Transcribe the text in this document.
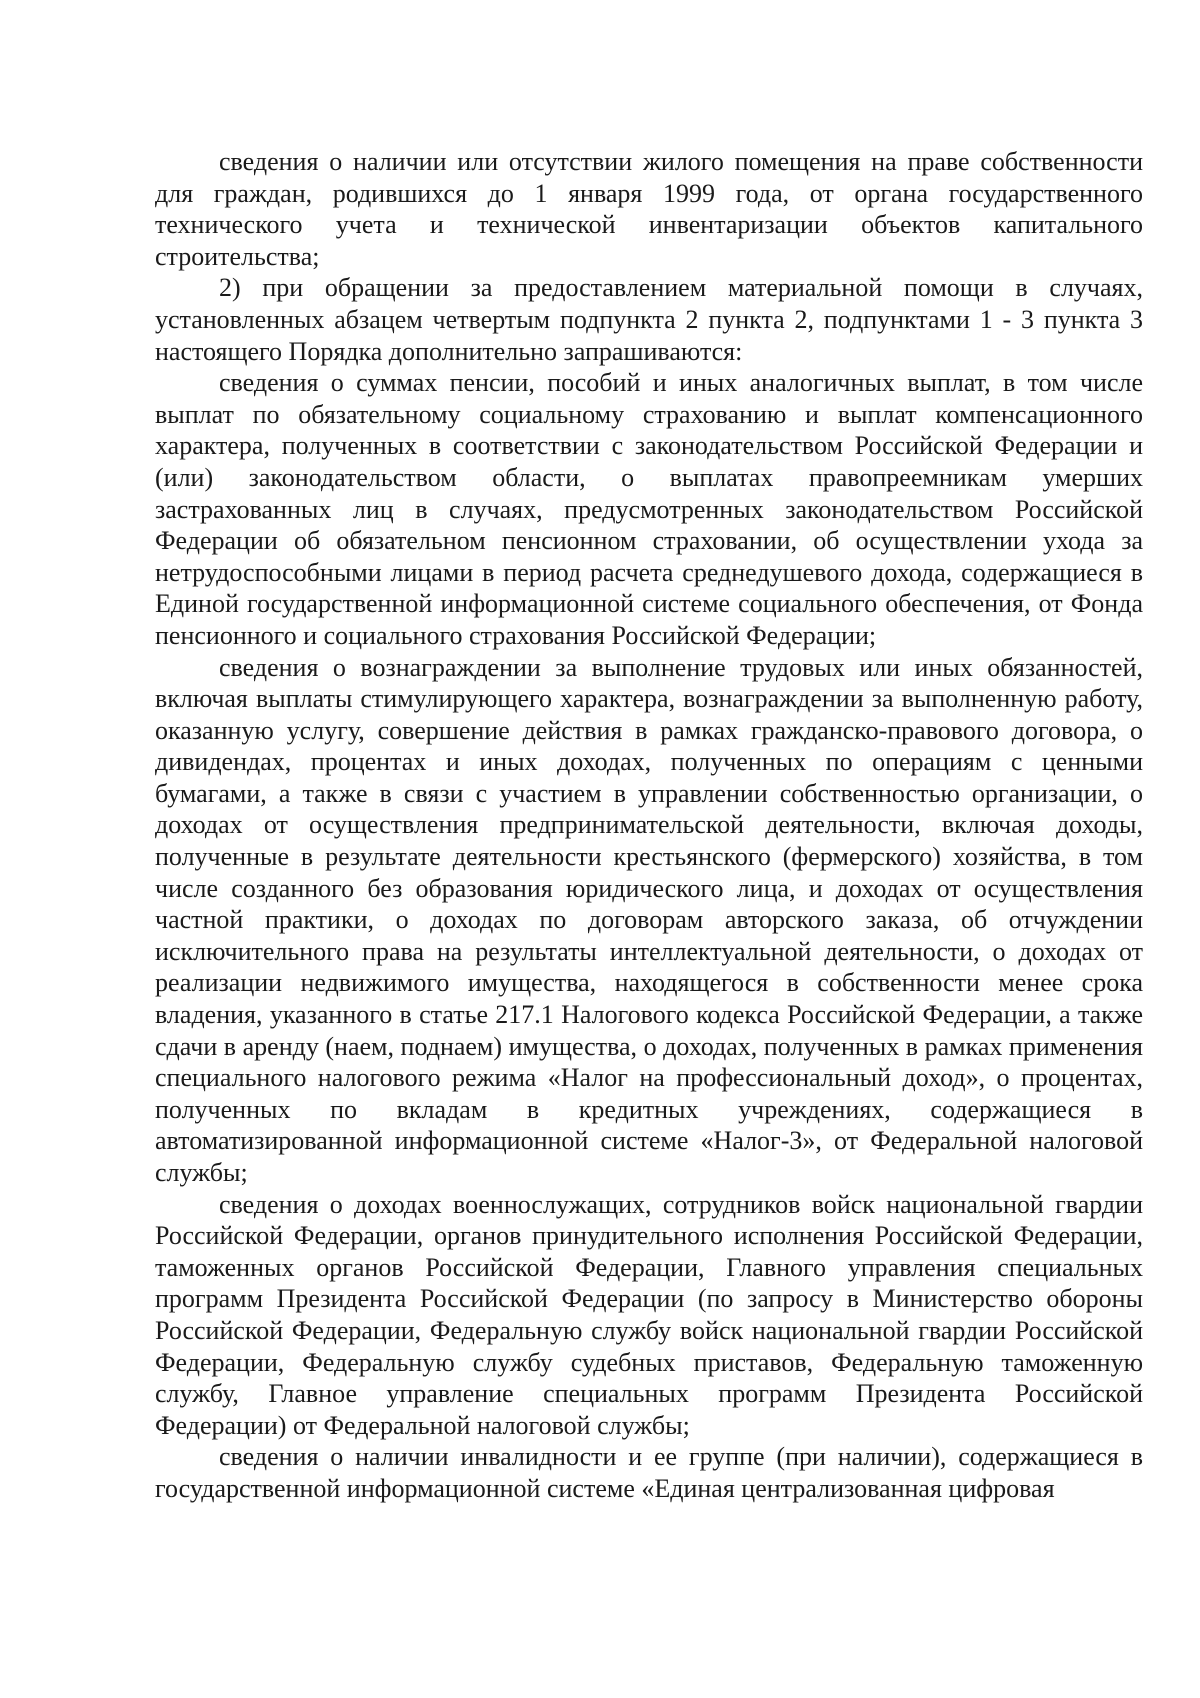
сведения о наличии или отсутствии жилого помещения на праве собственности для граждан, родившихся до 1 января 1999 года, от органа государственного технического учета и технической инвентаризации объектов капитального строительства;

2) при обращении за предоставлением материальной помощи в случаях, установленных абзацем четвертым подпункта 2 пункта 2, подпунктами 1 - 3 пункта 3 настоящего Порядка дополнительно запрашиваются:

сведения о суммах пенсии, пособий и иных аналогичных выплат, в том числе выплат по обязательному социальному страхованию и выплат компенсационного характера, полученных в соответствии с законодательством Российской Федерации и (или) законодательством области, о выплатах правопреемникам умерших застрахованных лиц в случаях, предусмотренных законодательством Российской Федерации об обязательном пенсионном страховании, об осуществлении ухода за нетрудоспособными лицами в период расчета среднедушевого дохода, содержащиеся в Единой государственной информационной системе социального обеспечения, от Фонда пенсионного и социального страхования Российской Федерации;

сведения о вознаграждении за выполнение трудовых или иных обязанностей, включая выплаты стимулирующего характера, вознаграждении за выполненную работу, оказанную услугу, совершение действия в рамках гражданско-правового договора, о дивидендах, процентах и иных доходах, полученных по операциям с ценными бумагами, а также в связи с участием в управлении собственностью организации, о доходах от осуществления предпринимательской деятельности, включая доходы, полученные в результате деятельности крестьянского (фермерского) хозяйства, в том числе созданного без образования юридического лица, и доходах от осуществления частной практики, о доходах по договорам авторского заказа, об отчуждении исключительного права на результаты интеллектуальной деятельности, о доходах от реализации недвижимого имущества, находящегося в собственности менее срока владения, указанного в статье 217.1 Налогового кодекса Российской Федерации, а также сдачи в аренду (наем, поднаем) имущества, о доходах, полученных в рамках применения специального налогового режима «Налог на профессиональный доход», о процентах, полученных по вкладам в кредитных учреждениях, содержащиеся в автоматизированной информационной системе «Налог-3», от Федеральной налоговой службы;

сведения о доходах военнослужащих, сотрудников войск национальной гвардии Российской Федерации, органов принудительного исполнения Российской Федерации, таможенных органов Российской Федерации, Главного управления специальных программ Президента Российской Федерации (по запросу в Министерство обороны Российской Федерации, Федеральную службу войск национальной гвардии Российской Федерации, Федеральную службу судебных приставов, Федеральную таможенную службу, Главное управление специальных программ Президента Российской Федерации) от Федеральной налоговой службы;

сведения о наличии инвалидности и ее группе (при наличии), содержащиеся в государственной информационной системе «Единая централизованная цифровая
